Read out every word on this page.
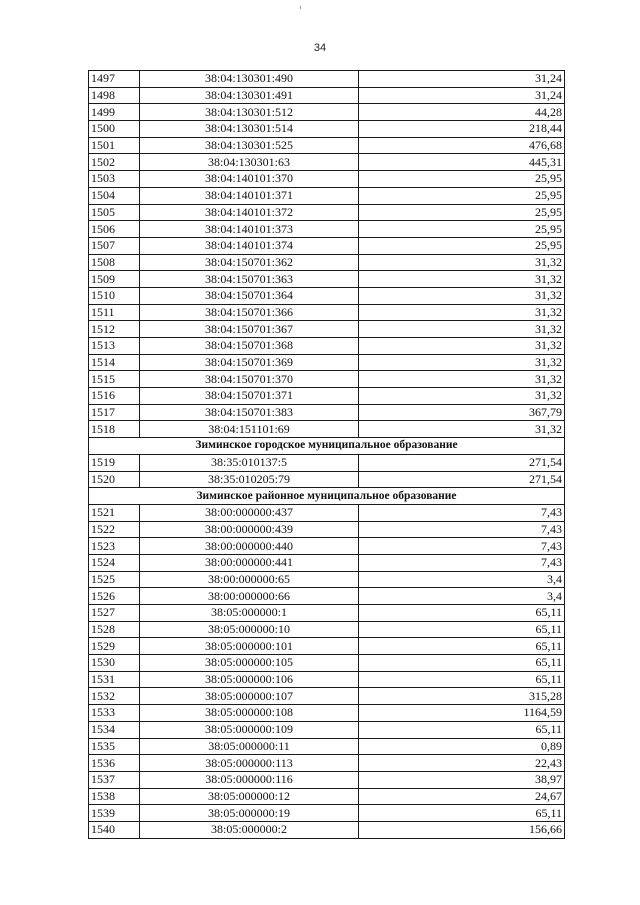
34
1497	38:04:130301:490	31,24
1498	38:04:130301:491	31,24
1499	38:04:130301:512	44,28
1500	38:04:130301:514	218,44
1501	38:04:130301:525	476,68
1502	38:04:130301:63	445,31
1503	38:04:140101:370	25,95
1504	38:04:140101:371	25,95
1505	38:04:140101:372	25,95
1506	38:04:140101:373	25,95
1507	38:04:140101:374	25,95
1508	38:04:150701:362	31,32
1509	38:04:150701:363	31,32
1510	38:04:150701:364	31,32
1511	38:04:150701:366	31,32
1512	38:04:150701:367	31,32
1513	38:04:150701:368	31,32
1514	38:04:150701:369	31,32
1515	38:04:150701:370	31,32
1516	38:04:150701:371	31,32
1517	38:04:150701:383	367,79
1518	38:04:151101:69	31,32
Зиминское городское муниципальное образование		
1519	38:35:010137:5	271,54
1520	38:35:010205:79	271,54
Зиминское районное муниципальное образование		
1521	38:00:000000:437	7,43
1522	38:00:000000:439	7,43
1523	38:00:000000:440	7,43
1524	38:00:000000:441	7,43
1525	38:00:000000:65	3,4
1526	38:00:000000:66	3,4
1527	38:05:000000:1	65,11
1528	38:05:000000:10	65,11
1529	38:05:000000:101	65,11
1530	38:05:000000:105	65,11
1531	38:05:000000:106	65,11
1532	38:05:000000:107	315,28
1533	38:05:000000:108	1164,59
1534	38:05:000000:109	65,11
1535	38:05:000000:11	0,89
1536	38:05:000000:113	22,43
1537	38:05:000000:116	38,97
1538	38:05:000000:12	24,67
1539	38:05:000000:19	65,11
1540	38:05:000000:2	156,66
